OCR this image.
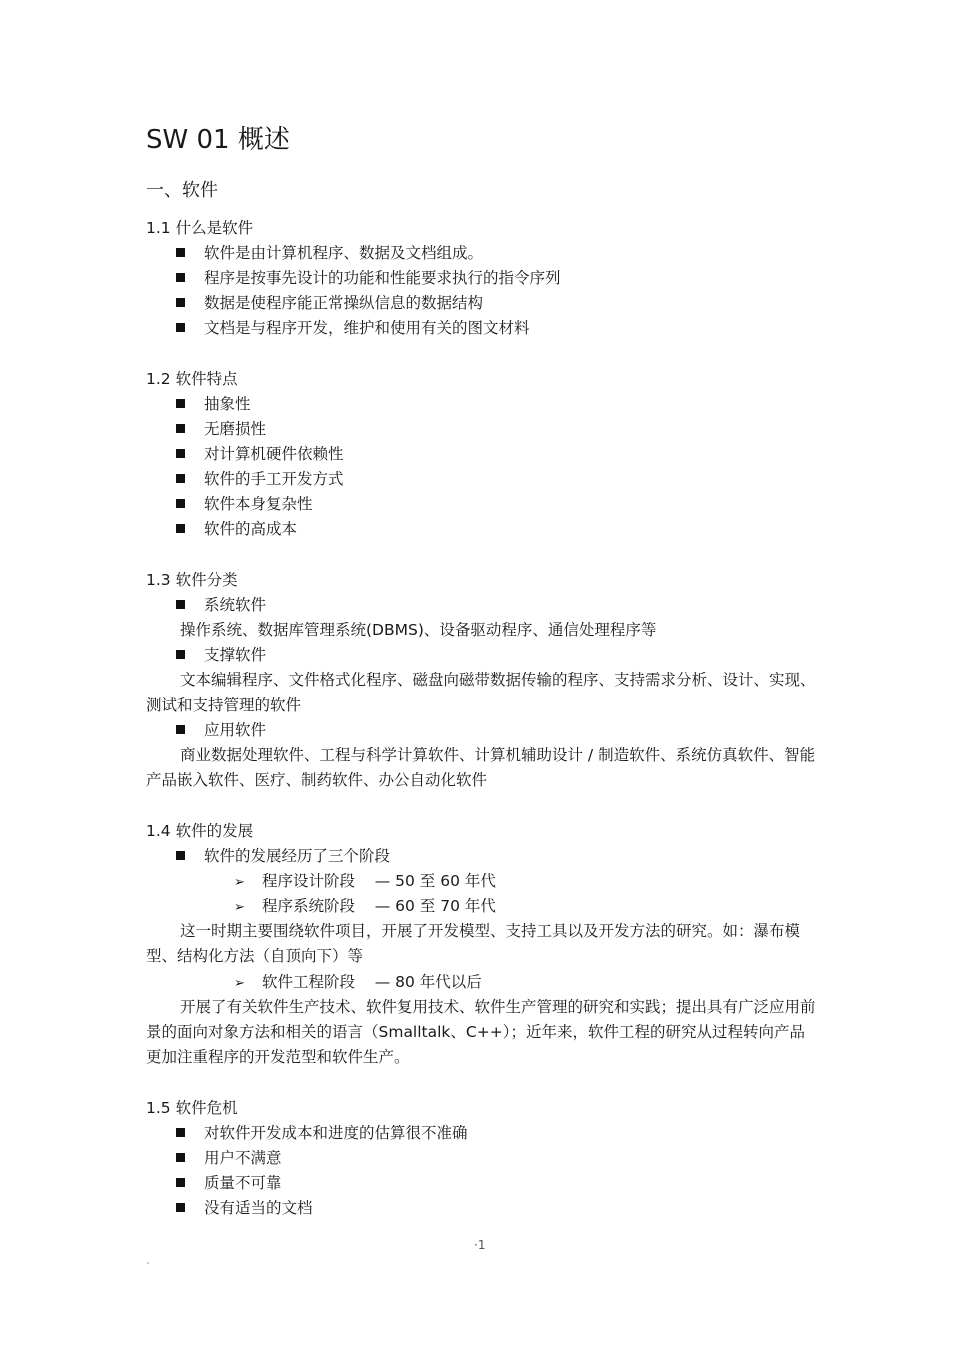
SW 01 概述
一、软件
1.1 什么是软件
软件是由计算机程序、数据及文档组成。
程序是按事先设计的功能和性能要求执行的指令序列
数据是使程序能正常操纵信息的数据结构
文档是与程序开发，维护和使用有关的图文材料
1.2 软件特点
抽象性
无磨损性
对计算机硬件依赖性
软件的手工开发方式
软件本身复杂性
软件的高成本
1.3 软件分类
系统软件
操作系统、数据库管理系统(DBMS)、设备驱动程序、通信处理程序等
支撑软件
文本编辑程序、文件格式化程序、磁盘向磁带数据传输的程序、支持需求分析、设计、实现、测试和支持管理的软件
应用软件
商业数据处理软件、工程与科学计算软件、计算机辅助设计 / 制造软件、系统仿真软件、智能产品嵌入软件、医疗、制药软件、办公自动化软件
1.4 软件的发展
软件的发展经历了三个阶段
➢ 程序设计阶段    — 50 至 60 年代
➢ 程序系统阶段    — 60 至 70 年代
这一时期主要围绕软件项目，开展了开发模型、支持工具以及开发方法的研究。如：瀑布模型、结构化方法（自顶向下）等
➢ 软件工程阶段    — 80 年代以后
开展了有关软件生产技术、软件复用技术、软件生产管理的研究和实践；提出具有广泛应用前景的面向对象方法和相关的语言（Smalltalk、C++）；近年来，软件工程的研究从过程转向产品更加注重程序的开发范型和软件生产。
1.5 软件危机
对软件开发成本和进度的估算很不准确
用户不满意
质量不可靠
没有适当的文档
·1
`
